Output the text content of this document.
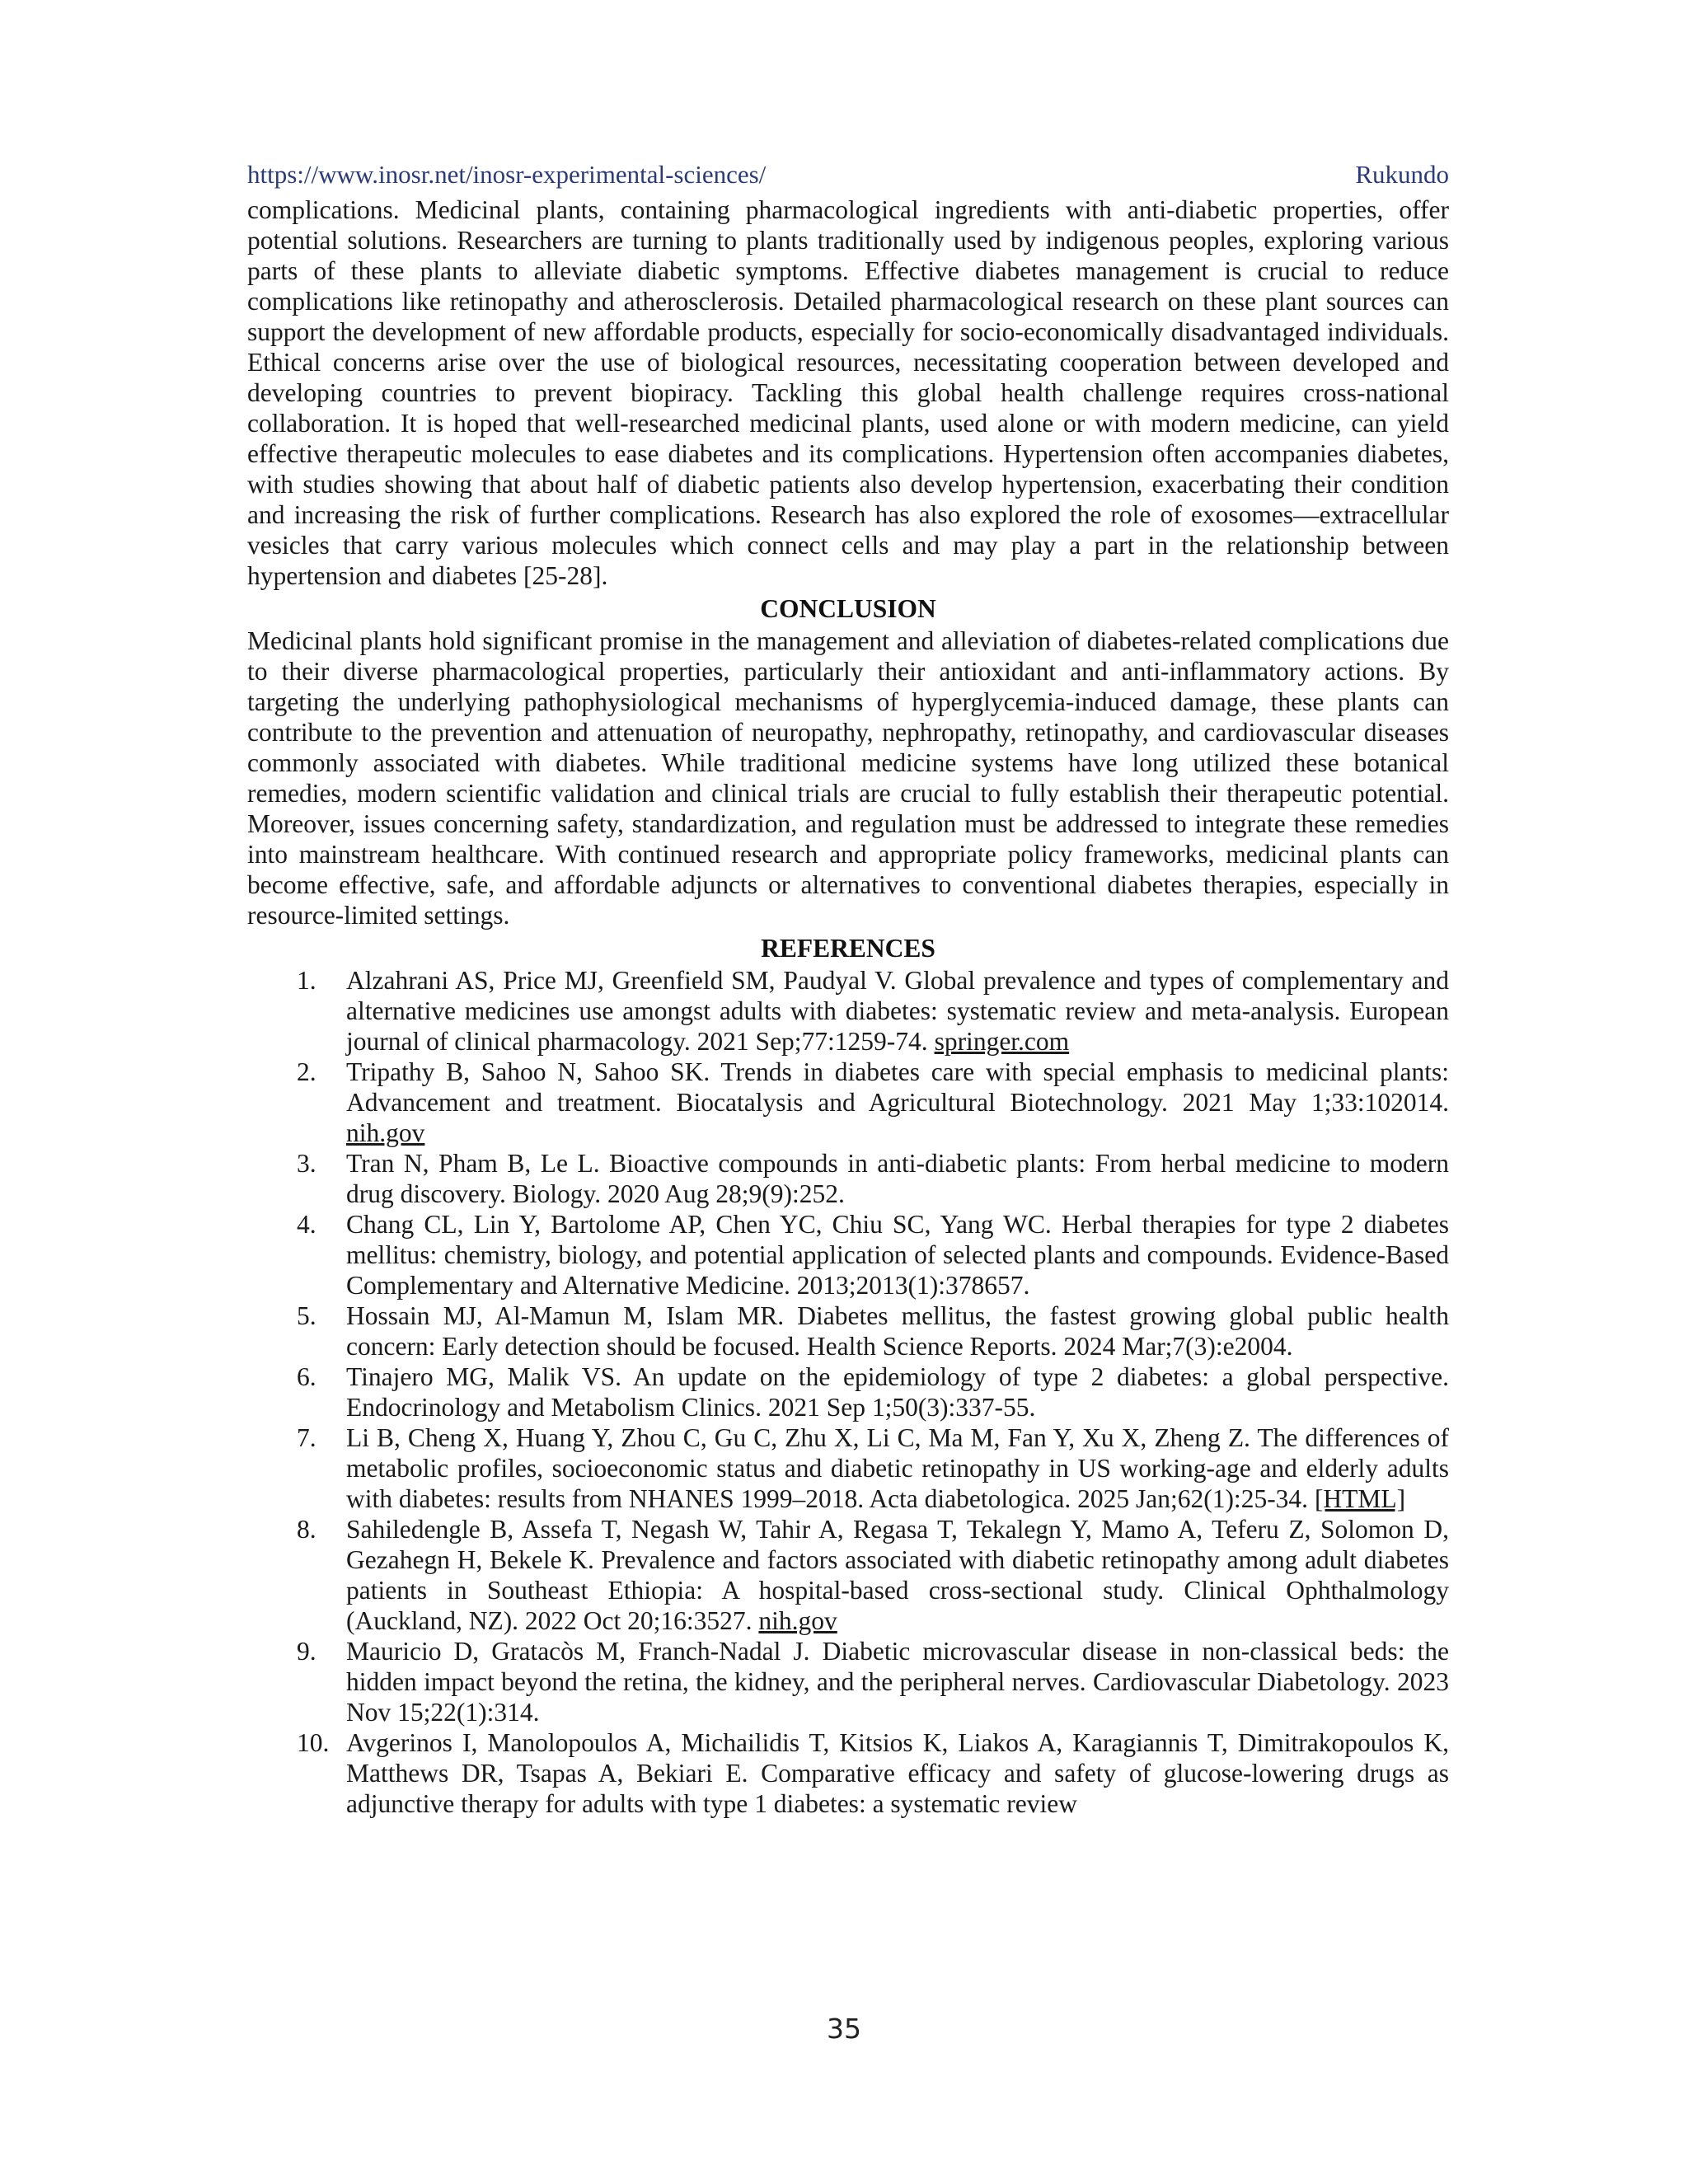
https://www.inosr.net/inosr-experimental-sciences/	Rukundo

complications. Medicinal plants, containing pharmacological ingredients with anti-diabetic properties, offer potential solutions. Researchers are turning to plants traditionally used by indigenous peoples, exploring various parts of these plants to alleviate diabetic symptoms. Effective diabetes management is crucial to reduce complications like retinopathy and atherosclerosis. Detailed pharmacological research on these plant sources can support the development of new affordable products, especially for socio-economically disadvantaged individuals. Ethical concerns arise over the use of biological resources, necessitating cooperation between developed and developing countries to prevent biopiracy. Tackling this global health challenge requires cross-national collaboration. It is hoped that well-researched medicinal plants, used alone or with modern medicine, can yield effective therapeutic molecules to ease diabetes and its complications. Hypertension often accompanies diabetes, with studies showing that about half of diabetic patients also develop hypertension, exacerbating their condition and increasing the risk of further complications. Research has also explored the role of exosomes—extracellular vesicles that carry various molecules which connect cells and may play a part in the relationship between hypertension and diabetes [25-28].

CONCLUSION

Medicinal plants hold significant promise in the management and alleviation of diabetes-related complications due to their diverse pharmacological properties, particularly their antioxidant and anti-inflammatory actions. By targeting the underlying pathophysiological mechanisms of hyperglycemia-induced damage, these plants can contribute to the prevention and attenuation of neuropathy, nephropathy, retinopathy, and cardiovascular diseases commonly associated with diabetes. While traditional medicine systems have long utilized these botanical remedies, modern scientific validation and clinical trials are crucial to fully establish their therapeutic potential. Moreover, issues concerning safety, standardization, and regulation must be addressed to integrate these remedies into mainstream healthcare. With continued research and appropriate policy frameworks, medicinal plants can become effective, safe, and affordable adjuncts or alternatives to conventional diabetes therapies, especially in resource-limited settings.

REFERENCES
1.	Alzahrani AS, Price MJ, Greenfield SM, Paudyal V. Global prevalence and types of complementary and alternative medicines use amongst adults with diabetes: systematic review and meta-analysis. European journal of clinical pharmacology. 2021 Sep;77:1259-74. springer.com
2.	Tripathy B, Sahoo N, Sahoo SK. Trends in diabetes care with special emphasis to medicinal plants: Advancement and treatment. Biocatalysis and Agricultural Biotechnology. 2021 May 1;33:102014. nih.gov
3.	Tran N, Pham B, Le L. Bioactive compounds in anti-diabetic plants: From herbal medicine to modern drug discovery. Biology. 2020 Aug 28;9(9):252.
4.	Chang CL, Lin Y, Bartolome AP, Chen YC, Chiu SC, Yang WC. Herbal therapies for type 2 diabetes mellitus: chemistry, biology, and potential application of selected plants and compounds. Evidence-Based Complementary and Alternative Medicine. 2013;2013(1):378657.
5.	Hossain MJ, Al-Mamun M, Islam MR. Diabetes mellitus, the fastest growing global public health concern: Early detection should be focused. Health Science Reports. 2024 Mar;7(3):e2004.
6.	Tinajero MG, Malik VS. An update on the epidemiology of type 2 diabetes: a global perspective. Endocrinology and Metabolism Clinics. 2021 Sep 1;50(3):337-55.
7.	Li B, Cheng X, Huang Y, Zhou C, Gu C, Zhu X, Li C, Ma M, Fan Y, Xu X, Zheng Z. The differences of metabolic profiles, socioeconomic status and diabetic retinopathy in US working-age and elderly adults with diabetes: results from NHANES 1999–2018. Acta diabetologica. 2025 Jan;62(1):25-34. [HTML]
8.	Sahiledengle B, Assefa T, Negash W, Tahir A, Regasa T, Tekalegn Y, Mamo A, Teferu Z, Solomon D, Gezahegn H, Bekele K. Prevalence and factors associated with diabetic retinopathy among adult diabetes patients in Southeast Ethiopia: A hospital-based cross-sectional study. Clinical Ophthalmology (Auckland, NZ). 2022 Oct 20;16:3527. nih.gov
9.	Mauricio D, Gratacòs M, Franch-Nadal J. Diabetic microvascular disease in non-classical beds: the hidden impact beyond the retina, the kidney, and the peripheral nerves. Cardiovascular Diabetology. 2023 Nov 15;22(1):314.
10. Avgerinos I, Manolopoulos A, Michailidis T, Kitsios K, Liakos A, Karagiannis T, Dimitrakopoulos K, Matthews DR, Tsapas A, Bekiari E. Comparative efficacy and safety of glucose-lowering drugs as adjunctive therapy for adults with type 1 diabetes: a systematic review
35
